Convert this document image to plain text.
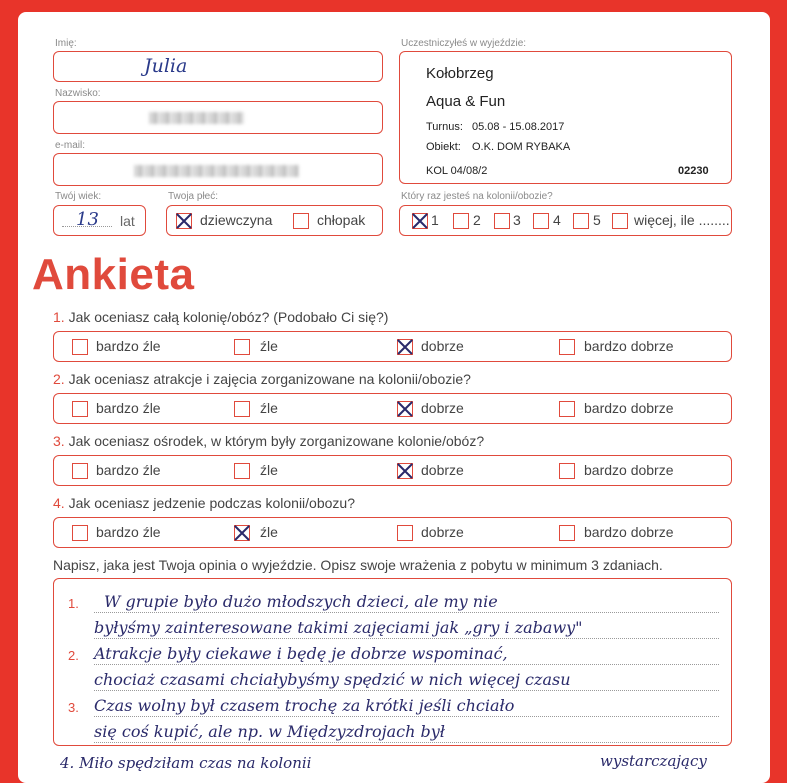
Imię:
Julia
Nazwisko:
e-mail:
Twój wiek:
13 lat
Twoja płeć:
dziewczyna	chłopak
Uczestniczyłeś w wyjeździe:
Kołobrzeg
Aqua & Fun
Turnus: 05.08 - 15.08.2017
Obiekt: O.K. DOM RYBAKA
KOL 04/08/2	02230
Który raz jesteś na kolonii/obozie?
1 2 3 4 5 więcej, ile ........
Ankieta
1. Jak oceniasz całą kolonię/obóz? (Podobało Ci się?)
bardzo źle	źle	dobrze	bardzo dobrze
2. Jak oceniasz atrakcje i zajęcia zorganizowane na kolonii/obozie?
bardzo źle	źle	dobrze	bardzo dobrze
3. Jak oceniasz ośrodek, w którym były zorganizowane kolonie/obóz?
bardzo źle	źle	dobrze	bardzo dobrze
4. Jak oceniasz jedzenie podczas kolonii/obozu?
bardzo źle	źle	dobrze	bardzo dobrze
Napisz, jaka jest Twoja opinia o wyjeździe. Opisz swoje wrażenia z pobytu w minimum 3 zdaniach.
1.
2.
3.
W grupie było dużo młodszych dzieci, ale my nie
byłyśmy zainteresowane takimi zajęciami jak „gry i zabawy"
Atrakcje były ciekawe i będę je dobrze wspominać,
chociaż czasami chciałybyśmy spędzić w nich więcej czasu
Czas wolny był czasem trochę za krótki jeśli chciało
się coś kupić, ale np. w Międzyzdrojach był
4. Miło spędziłam czas na kolonii	wystarczający
